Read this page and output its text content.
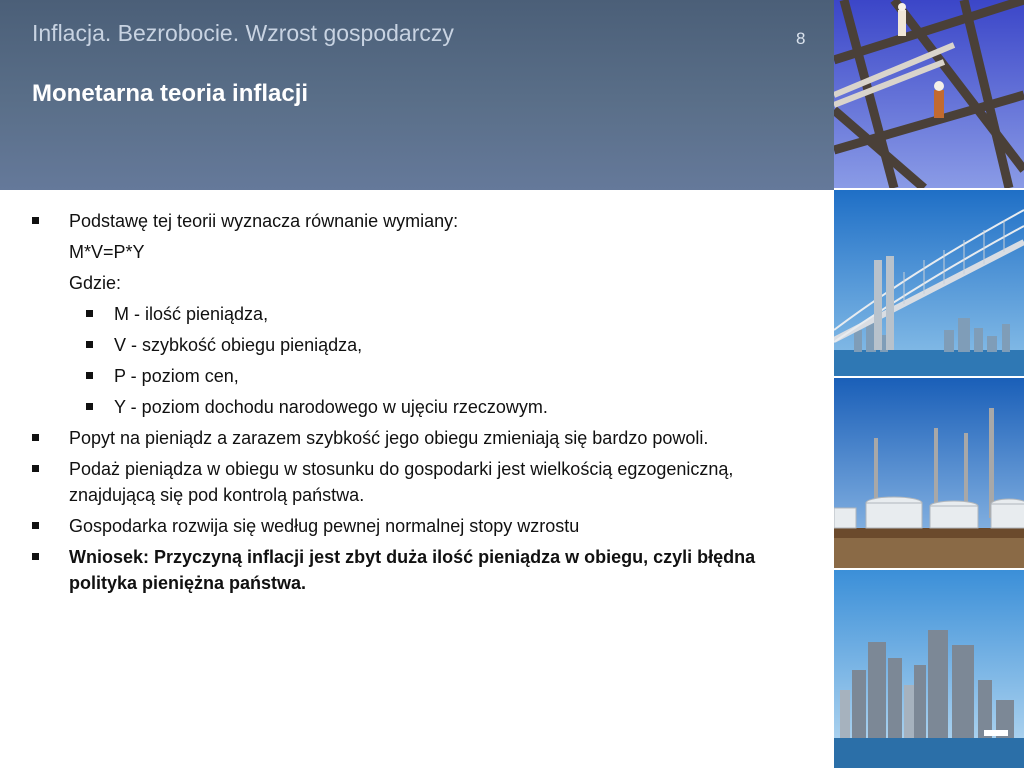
Inflacja. Bezrobocie. Wzrost gospodarczy	8
Monetarna teoria inflacji
Podstawę tej teorii wyznacza równanie wymiany:
M*V=P*Y
Gdzie:
M - ilość pieniądza,
V - szybkość obiegu pieniądza,
P - poziom cen,
Y - poziom dochodu narodowego w ujęciu rzeczowym.
Popyt na pieniądz a zarazem szybkość jego obiegu zmieniają się bardzo powoli.
Podaż pieniądza w obiegu w stosunku do gospodarki jest wielkością egzogeniczną, znajdującą się pod kontrolą państwa.
Gospodarka rozwija się według pewnej normalnej stopy wzrostu
Wniosek: Przyczyną inflacji jest zbyt duża ilość pieniądza w obiegu, czyli błędna polityka pieniężna państwa.
